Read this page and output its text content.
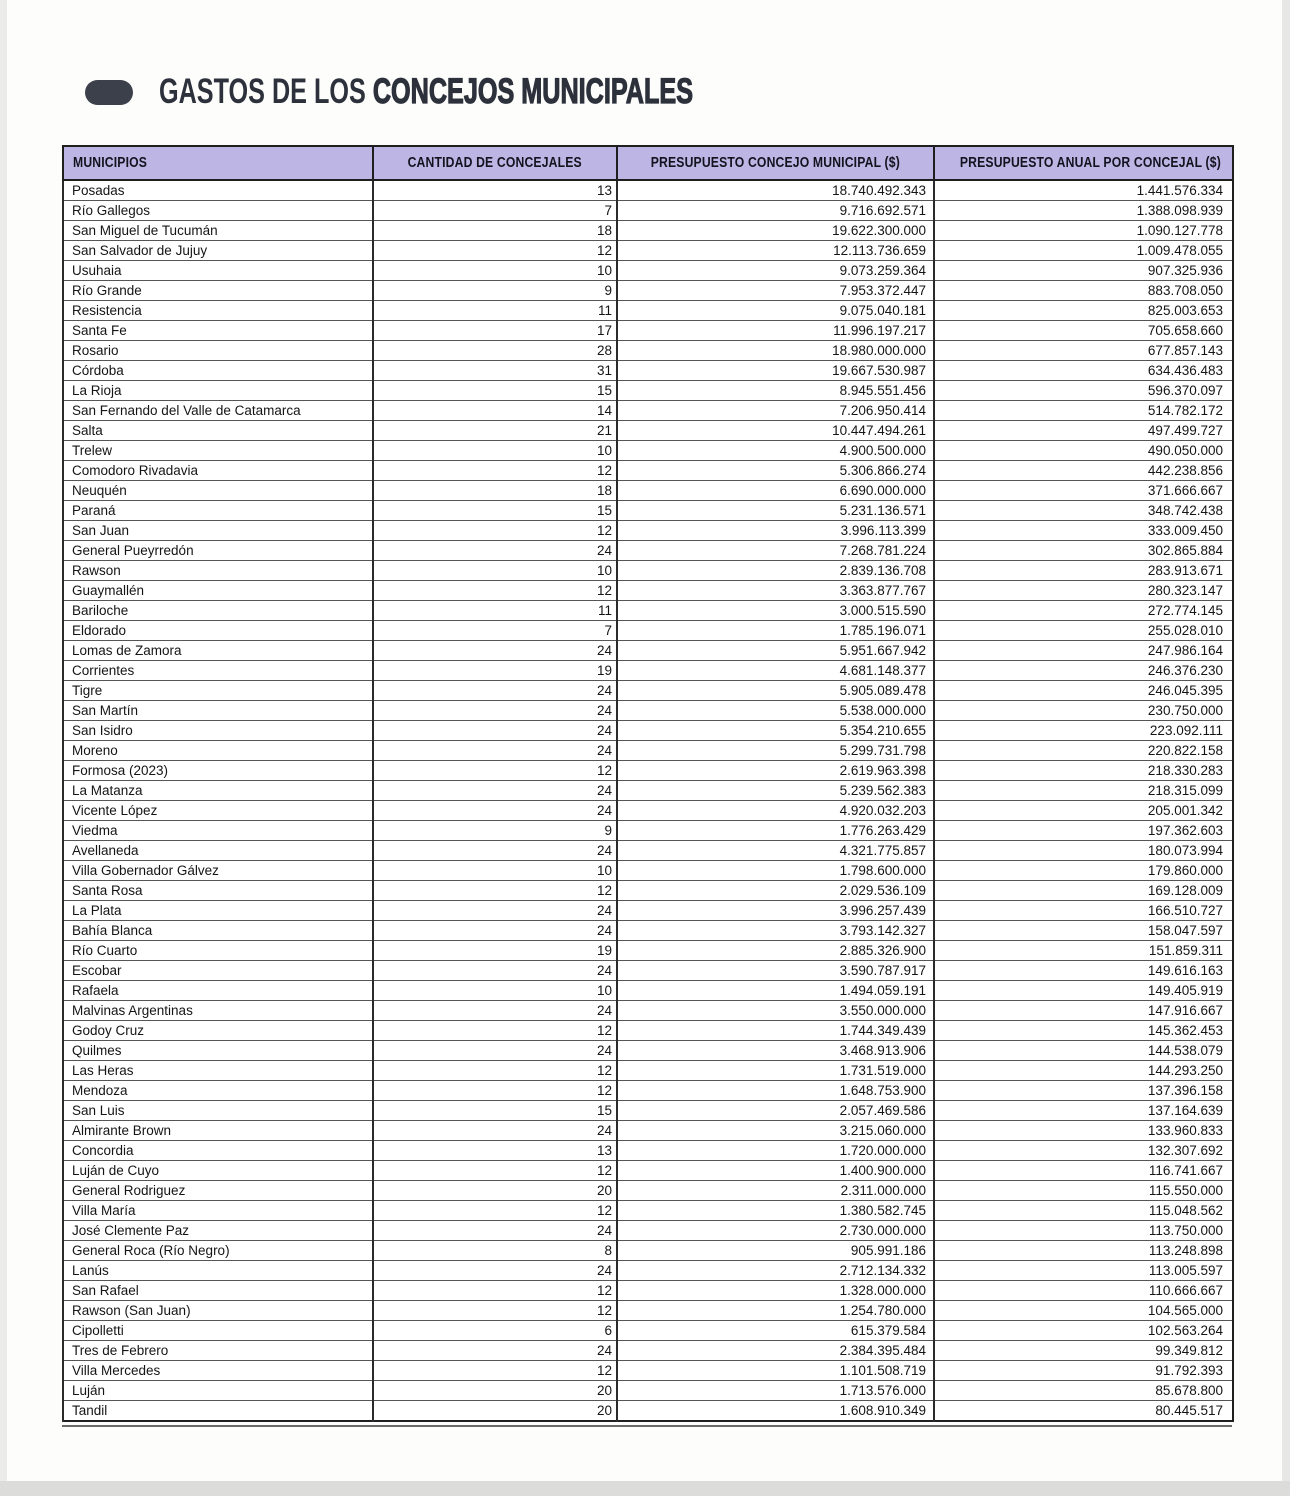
GASTOS DE LOS CONCEJOS MUNICIPALES
MUNICIPIOS	CANTIDAD DE CONCEJALES	PRESUPUESTO CONCEJO MUNICIPAL ($)	PRESUPUESTO ANUAL POR CONCEJAL ($)
Posadas	13	18.740.492.343	1.441.576.334
Río Gallegos	7	9.716.692.571	1.388.098.939
San Miguel de Tucumán	18	19.622.300.000	1.090.127.778
San Salvador de Jujuy	12	12.113.736.659	1.009.478.055
Usuhaia	10	9.073.259.364	907.325.936
Río Grande	9	7.953.372.447	883.708.050
Resistencia	11	9.075.040.181	825.003.653
Santa Fe	17	11.996.197.217	705.658.660
Rosario	28	18.980.000.000	677.857.143
Córdoba	31	19.667.530.987	634.436.483
La Rioja	15	8.945.551.456	596.370.097
San Fernando del Valle de Catamarca	14	7.206.950.414	514.782.172
Salta	21	10.447.494.261	497.499.727
Trelew	10	4.900.500.000	490.050.000
Comodoro Rivadavia	12	5.306.866.274	442.238.856
Neuquén	18	6.690.000.000	371.666.667
Paraná	15	5.231.136.571	348.742.438
San Juan	12	3.996.113.399	333.009.450
General Pueyrredón	24	7.268.781.224	302.865.884
Rawson	10	2.839.136.708	283.913.671
Guaymallén	12	3.363.877.767	280.323.147
Bariloche	11	3.000.515.590	272.774.145
Eldorado	7	1.785.196.071	255.028.010
Lomas de Zamora	24	5.951.667.942	247.986.164
Corrientes	19	4.681.148.377	246.376.230
Tigre	24	5.905.089.478	246.045.395
San Martín	24	5.538.000.000	230.750.000
San Isidro	24	5.354.210.655	223.092.111
Moreno	24	5.299.731.798	220.822.158
Formosa (2023)	12	2.619.963.398	218.330.283
La Matanza	24	5.239.562.383	218.315.099
Vicente López	24	4.920.032.203	205.001.342
Viedma	9	1.776.263.429	197.362.603
Avellaneda	24	4.321.775.857	180.073.994
Villa Gobernador Gálvez	10	1.798.600.000	179.860.000
Santa Rosa	12	2.029.536.109	169.128.009
La Plata	24	3.996.257.439	166.510.727
Bahía Blanca	24	3.793.142.327	158.047.597
Río Cuarto	19	2.885.326.900	151.859.311
Escobar	24	3.590.787.917	149.616.163
Rafaela	10	1.494.059.191	149.405.919
Malvinas Argentinas	24	3.550.000.000	147.916.667
Godoy Cruz	12	1.744.349.439	145.362.453
Quilmes	24	3.468.913.906	144.538.079
Las Heras	12	1.731.519.000	144.293.250
Mendoza	12	1.648.753.900	137.396.158
San Luis	15	2.057.469.586	137.164.639
Almirante Brown	24	3.215.060.000	133.960.833
Concordia	13	1.720.000.000	132.307.692
Luján de Cuyo	12	1.400.900.000	116.741.667
General Rodriguez	20	2.311.000.000	115.550.000
Villa María	12	1.380.582.745	115.048.562
José Clemente Paz	24	2.730.000.000	113.750.000
General Roca (Río Negro)	8	905.991.186	113.248.898
Lanús	24	2.712.134.332	113.005.597
San Rafael	12	1.328.000.000	110.666.667
Rawson (San Juan)	12	1.254.780.000	104.565.000
Cipolletti	6	615.379.584	102.563.264
Tres de Febrero	24	2.384.395.484	99.349.812
Villa Mercedes	12	1.101.508.719	91.792.393
Luján	20	1.713.576.000	85.678.800
Tandil	20	1.608.910.349	80.445.517
